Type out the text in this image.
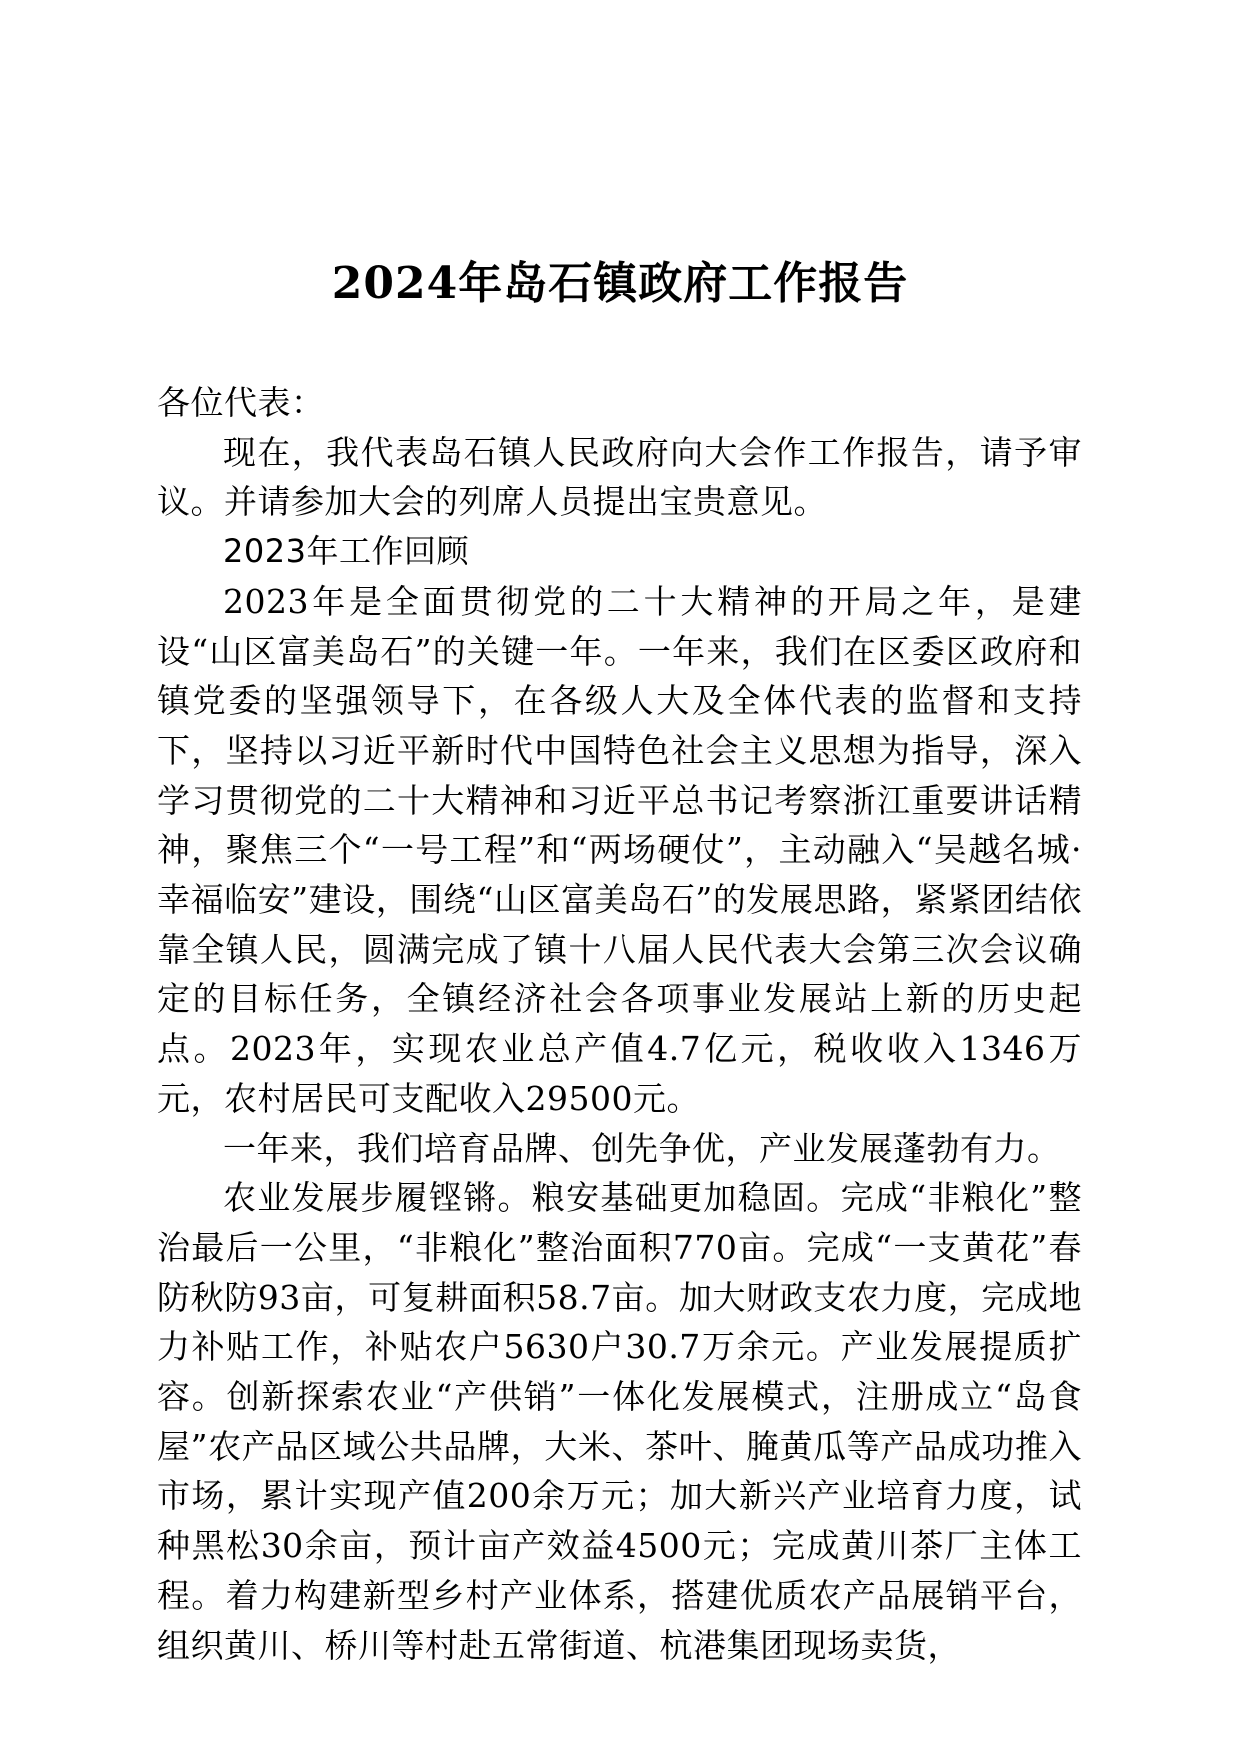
2024年岛石镇政府工作报告

各位代表：

现在，我代表岛石镇人民政府向大会作工作报告，请予审议。并请参加大会的列席人员提出宝贵意见。

2023年工作回顾

2023年是全面贯彻党的二十大精神的开局之年，是建设“山区富美岛石”的关键一年。一年来，我们在区委区政府和镇党委的坚强领导下，在各级人大及全体代表的监督和支持下，坚持以习近平新时代中国特色社会主义思想为指导，深入学习贯彻党的二十大精神和习近平总书记考察浙江重要讲话精神，聚焦三个“一号工程”和“两场硬仗”，主动融入“吴越名城·幸福临安”建设，围绕“山区富美岛石”的发展思路，紧紧团结依靠全镇人民，圆满完成了镇十八届人民代表大会第三次会议确定的目标任务，全镇经济社会各项事业发展站上新的历史起点。2023年，实现农业总产值4.7亿元，税收收入1346万元，农村居民可支配收入29500元。

一年来，我们培育品牌、创先争优，产业发展蓬勃有力。

农业发展步履铿锵。粮安基础更加稳固。完成“非粮化”整治最后一公里，“非粮化”整治面积770亩。完成“一支黄花”春防秋防93亩，可复耕面积58.7亩。加大财政支农力度，完成地力补贴工作，补贴农户5630户30.7万余元。产业发展提质扩容。创新探索农业“产供销”一体化发展模式，注册成立“岛食屋”农产品区域公共品牌，大米、茶叶、腌黄瓜等产品成功推入市场，累计实现产值200余万元；加大新兴产业培育力度，试种黑松30余亩，预计亩产效益4500元；完成黄川茶厂主体工程。着力构建新型乡村产业体系，搭建优质农产品展销平台，组织黄川、桥川等村赴五常街道、杭港集团现场卖货，
